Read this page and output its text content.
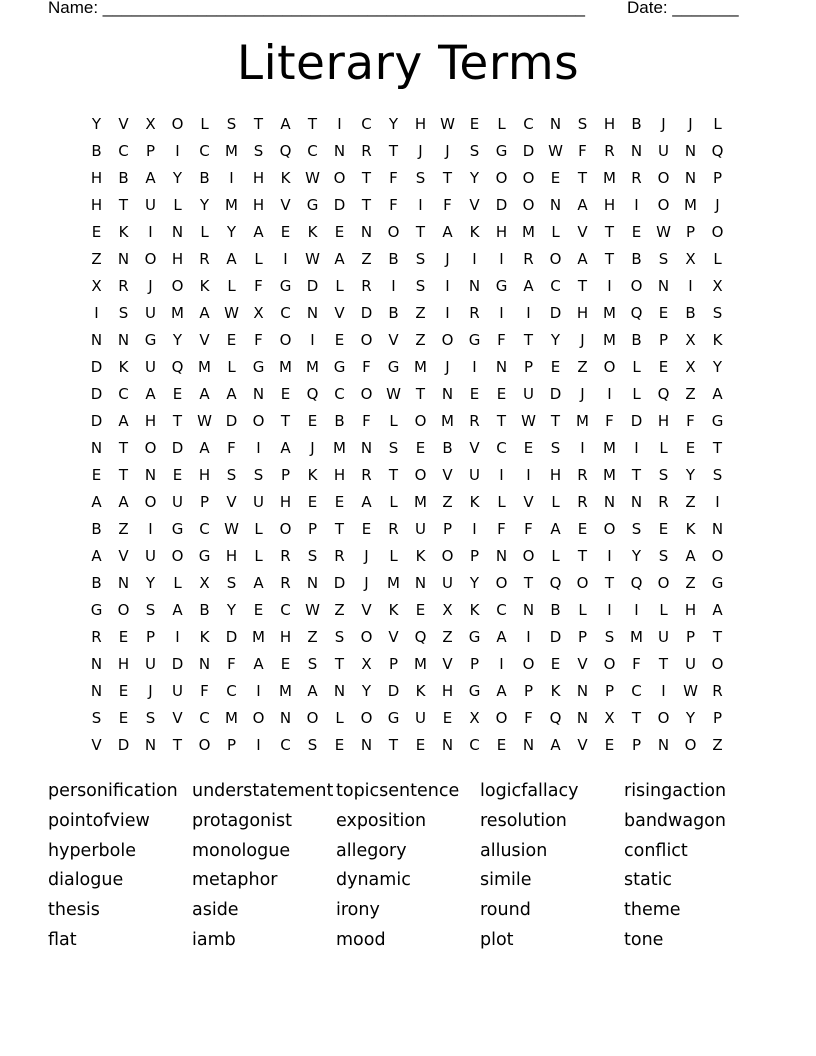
Name: ___________________________________________________ Date: _______
Literary Terms
Y	V	X	O	L	S	T	A	T	I	C	Y	H W E	L	C	N	S	H	B	J	J	L
B	C	P	I	C	M	S	Q	C	N	R	T	J	J	S	G	D W	F	R	N	U	N	Q
H	B	A	Y	B	I	H	K W O	T	F	S	T	Y	O	O	E	T	M	R	O	N	P
H	T	U	L	Y	M H	V	G	D	T	F	I	F	V	D	O	N	A	H	I	O M	J
E	K	I	N	L	Y	A	E	K	E	N	O	T	A	K	H M	L	V	T	E W	P	O
Z	N	O	H	R	A	L	I	W A	Z	B	S	J	I	I	R	O	A	T	B	S	X	L
X	R	J	O	K	L	F	G	D	L	R	I	S	I	N	G	A	C	T	I	O	N	I	X
I	S	U	M	A W X	C	N	V	D	B	Z	I	R	I	I	D	H M Q	E	B	S
N	N	G	Y	V	E	F	O	I	E	O	V	Z	O	G	F	T	Y	J	M	B	P	X	K
D	K	U	Q M	L	G M M G	F	G M	J	I	N	P	E	Z	O	L	E	X	Y
D	C	A	E	A	A	N	E	Q	C	O W T	N	E	E	U	D	J	I	L	Q	Z	A
D	A	H	T	W D	O	T	E	B	F	L	O M	R	T	W T	M	F	D	H	F	G
N	T	O	D	A	F	I	A	J	M N	S	E	B	V	C	E	S	I	M	I	L	E	T
E	T	N	E	H	S	S	P	K	H	R	T	O	V	U	I	I	H	R	M	T	S	Y	S
A	A	O	U	P	V	U	H	E	E	A	L	M	Z	K	L	V	L	R	N	N	R	Z	I
B	Z	I	G	C W	L	O	P	T	E	R	U	P	I	F	F	A	E	O	S	E	K	N
A	V	U	O	G	H	L	R	S	R	J	L	K	O	P	N	O	L	T	I	Y	S	A	O
B	N	Y	L	X	S	A	R	N	D	J	M N	U	Y	O	T	Q	O	T	Q	O	Z	G
G	O	S	A	B	Y	E	C W Z	V	K	E	X	K	C	N	B	L	I	I	L	H	A
R	E	P	I	K	D M H	Z	S	O	V	Q	Z	G	A	I	D	P	S	M	U	P	T
N	H	U	D	N	F	A	E	S	T	X	P	M	V	P	I	O	E	V	O	F	T	U	O
N	E	J	U	F	C	I	M	A	N	Y	D	K	H	G	A	P	K	N	P	C	I	W R
S	E	S	V	C	M O	N	O	L	O	G	U	E	X	O	F	Q	N	X	T	O	Y	P
V	D	N	T	O	P	I	C	S	E	N	T	E	N	C	E	N	A	V	E	P	N	O	Z
personification understatement topicsentence	logicfallacy	risingaction
pointofview	protagonist	exposition	resolution	bandwagon
hyperbole	monologue	allegory	allusion	conflict
dialogue	metaphor	dynamic	simile	static
thesis	aside	irony	round	theme
flat	iamb	mood	plot	tone
